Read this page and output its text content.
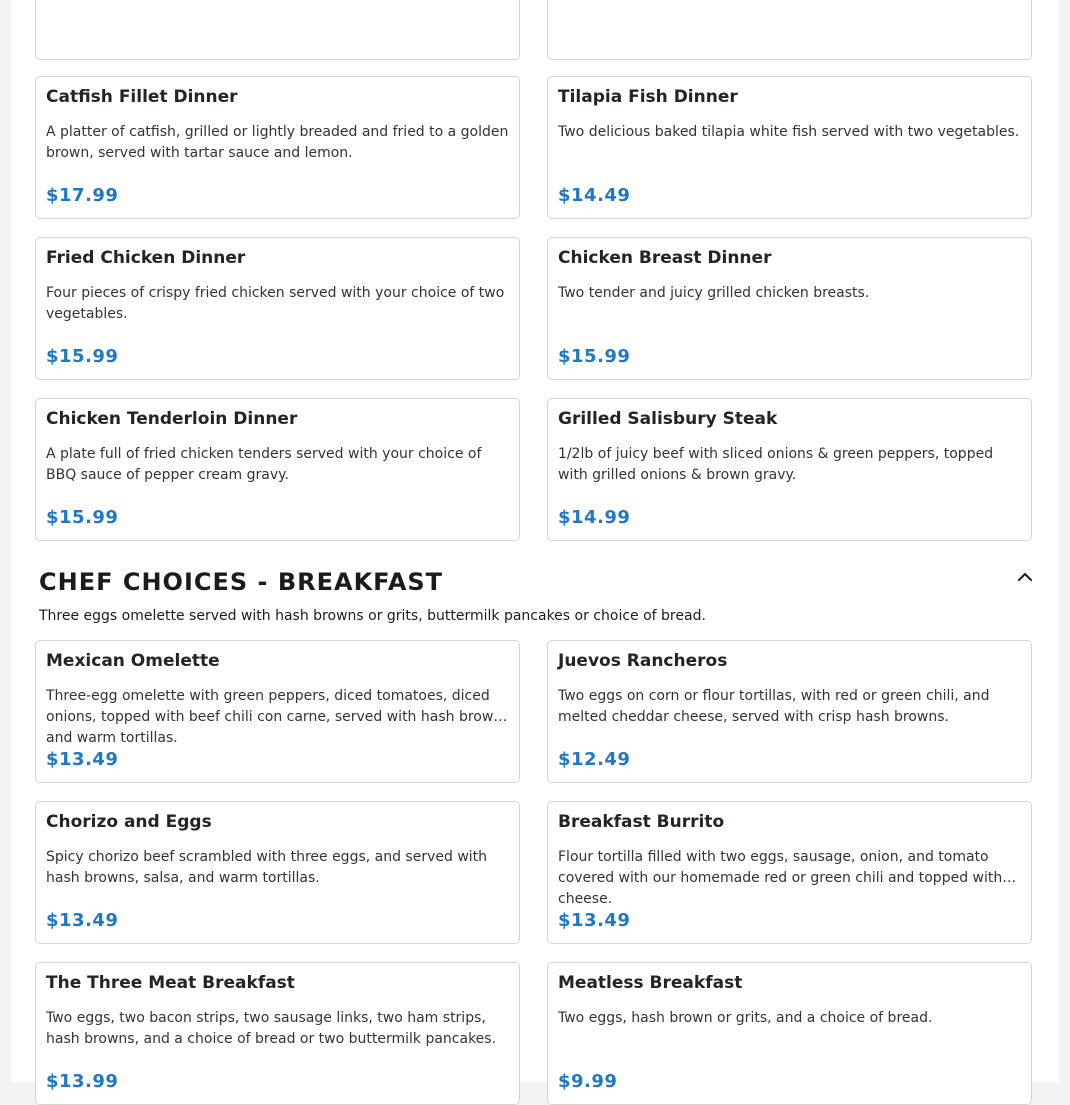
Catfish Fillet Dinner
A platter of catfish, grilled or lightly breaded and fried to a golden brown, served with tartar sauce and lemon.
$17.99
Tilapia Fish Dinner
Two delicious baked tilapia white fish served with two vegetables.
$14.49
Fried Chicken Dinner
Four pieces of crispy fried chicken served with your choice of two vegetables.
$15.99
Chicken Breast Dinner
Two tender and juicy grilled chicken breasts.
$15.99
Chicken Tenderloin Dinner
A plate full of fried chicken tenders served with your choice of BBQ sauce of pepper cream gravy.
$15.99
Grilled Salisbury Steak
1/2lb of juicy beef with sliced onions & green peppers, topped with grilled onions & brown gravy.
$14.99
CHEF CHOICES - BREAKFAST
Three eggs omelette served with hash browns or grits, buttermilk pancakes or choice of bread.
Mexican Omelette
Three-egg omelette with green peppers, diced tomatoes, diced onions, topped with beef chili con carne, served with hash browns and warm tortillas.
$13.49
Juevos Rancheros
Two eggs on corn or flour tortillas, with red or green chili, and melted cheddar cheese, served with crisp hash browns.
$12.49
Chorizo and Eggs
Spicy chorizo beef scrambled with three eggs, and served with hash browns, salsa, and warm tortillas.
$13.49
Breakfast Burrito
Flour tortilla filled with two eggs, sausage, onion, and tomato covered with our homemade red or green chili and topped with cheese.
$13.49
The Three Meat Breakfast
Two eggs, two bacon strips, two sausage links, two ham strips, hash browns, and a choice of bread or two buttermilk pancakes.
$13.99
Meatless Breakfast
Two eggs, hash brown or grits, and a choice of bread.
$9.99
